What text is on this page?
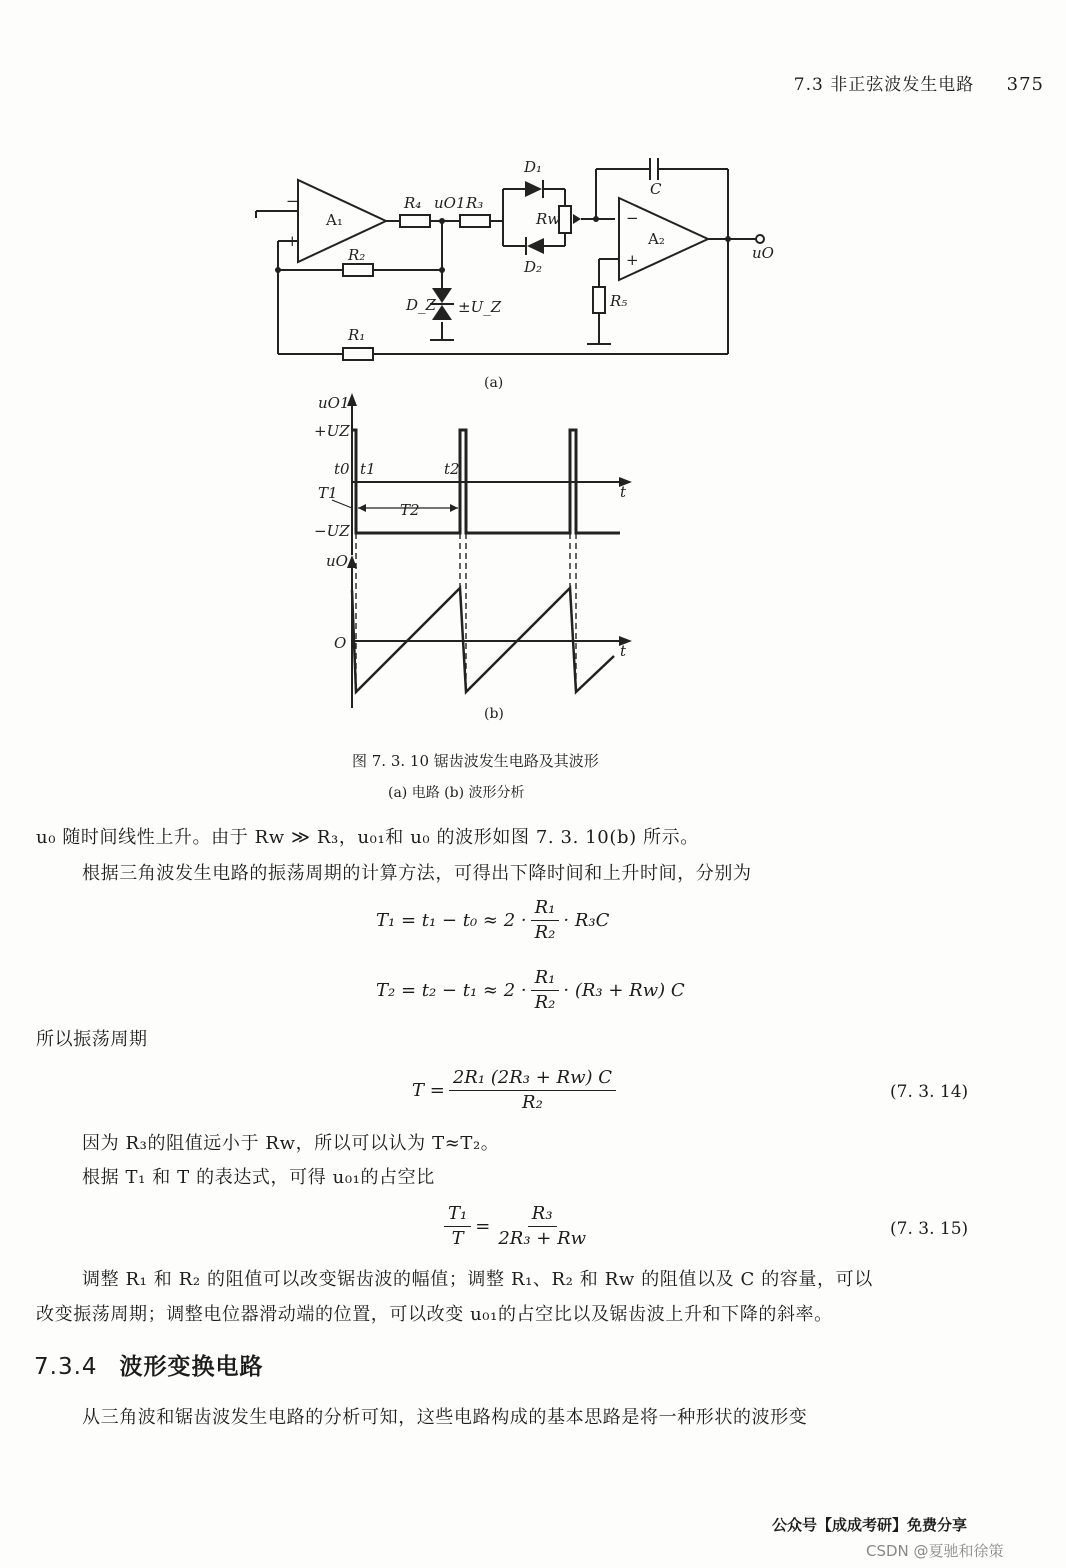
7.3 非正弦波发生电路 375
A₁
A₂
−
+
−
+
R₄ uO1 R₃
D₁
D₂
Rw
C
R₂
D_Z ±U_Z	R₅
R₁
uO
(a)
uO1
+UZ
t0 t1	t2
T1
T2
−UZ
t
uO
O	t
(b)
图 7. 3. 10 锯齿波发生电路及其波形
(a) 电路 (b) 波形分析

u₀ 随时间线性上升。由于 Rw ≫ R₃，u₀₁和 u₀ 的波形如图 7. 3. 10(b) 所示。

根据三角波发生电路的振荡周期的计算方法，可得出下降时间和上升时间，分别为

$T_1 = t_1 - t_0 \approx 2 \cdot \frac{\text{R₁}}{\text{R₂}} \cdot R_3C$
$T_2 = t_2 - t_1 \approx 2 \cdot \frac{\text{R₁}}{\text{R₂}} \cdot (R_3 + Rw)$ C

所以振荡周期

$T = \frac{\text{2R₁ (2R₃ + Rw) C}}{\text{R₂}}$	(7. 3. 14)

因为 R₃的阻值远小于 Rw，所以可以认为 T≈T₂。

根据 T₁ 和 T 的表达式，可得 u₀₁的占空比

$\frac{\text{T₁}}{T} = \frac{\text{R₃}}{\text{2R₃ + Rw}}$	(7. 3. 15)

调整 R₁ 和 R₂ 的阻值可以改变锯齿波的幅值；调整 R₁、R₂ 和 Rw 的阻值以及 C 的容量，可以

改变振荡周期；调整电位器滑动端的位置，可以改变 u₀₁的占空比以及锯齿波上升和下降的斜率。

7.3.4 波形变换电路

从三角波和锯齿波发生电路的分析可知，这些电路构成的基本思路是将一种形状的波形变

公众号【成成考研】免费分享
CSDN @夏驰和徐策
